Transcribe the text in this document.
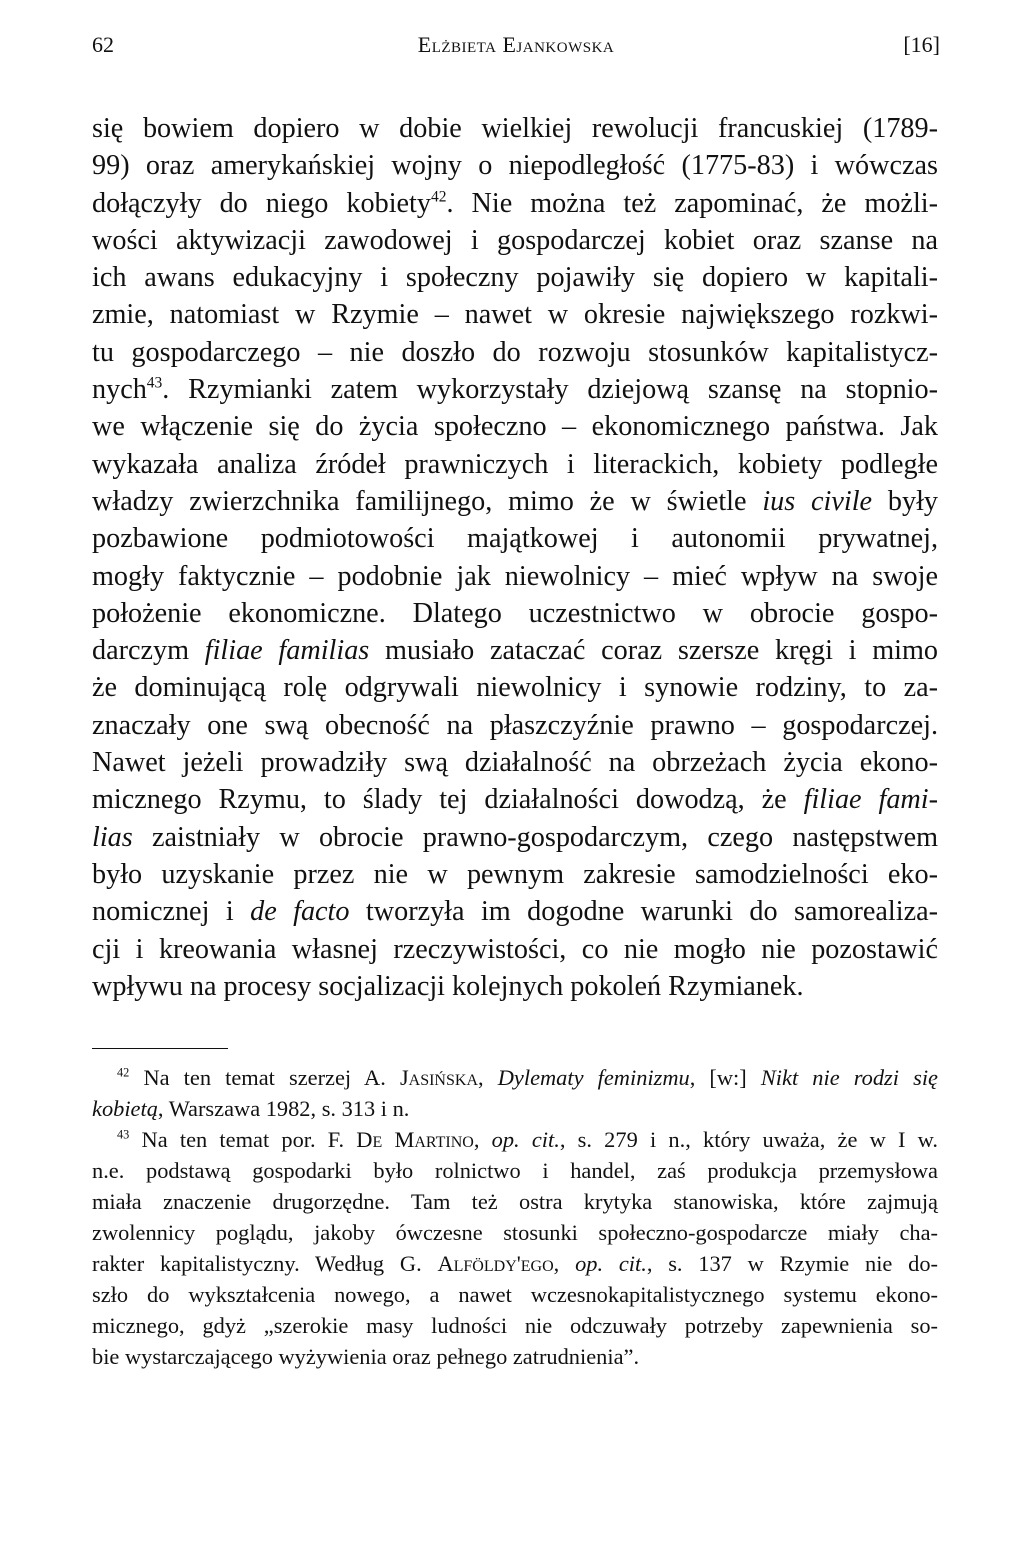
62	Elżbieta Ejankowska	[16]
się bowiem dopiero w dobie wielkiej rewolucji francuskiej (1789-
99) oraz amerykańskiej wojny o niepodległość (1775-83) i wówczas
dołączyły do niego kobiety$^{42}$. Nie można też zapominać, że możli-
wości aktywizacji zawodowej i gospodarczej kobiet oraz szanse na
ich awans edukacyjny i społeczny pojawiły się dopiero w kapitali-
zmie, natomiast w Rzymie – nawet w okresie największego rozkwi-
tu gospodarczego – nie doszło do rozwoju stosunków kapitalistycz-
nych$^{43}$. Rzymianki zatem wykorzystały dziejową szansę na stopnio-
we włączenie się do życia społeczno – ekonomicznego państwa. Jak
wykazała analiza źródeł prawniczych i literackich, kobiety podległe
władzy zwierzchnika familijnego, mimo że w świetle ius civile były
pozbawione podmiotowości majątkowej i autonomii prywatnej,
mogły faktycznie – podobnie jak niewolnicy – mieć wpływ na swoje
położenie ekonomiczne. Dlatego uczestnictwo w obrocie gospo-
darczym filiae familias musiało zataczać coraz szersze kręgi i mimo
że dominującą rolę odgrywali niewolnicy i synowie rodziny, to za-
znaczały one swą obecność na płaszczyźnie prawno – gospodarczej.
Nawet jeżeli prowadziły swą działalność na obrzeżach życia ekono-
micznego Rzymu, to ślady tej działalności dowodzą, że filiae fami-
lias zaistniały w obrocie prawno-gospodarczym, czego następstwem
było uzyskanie przez nie w pewnym zakresie samodzielności eko-
nomicznej i de facto tworzyła im dogodne warunki do samorealiza-
cji i kreowania własnej rzeczywistości, co nie mogło nie pozostawić
wpływu na procesy socjalizacji kolejnych pokoleń Rzymianek.
$^{42}$ Na ten temat szerzej A. Jasińska, Dylematy feminizmu, [w:] Nikt nie rodzi się
kobietą, Warszawa 1982, s. 313 i n.
$^{43}$ Na ten temat por. F. De Martino, op. cit., s. 279 i n., który uważa, że w I w.
n.e. podstawą gospodarki było rolnictwo i handel, zaś produkcja przemysłowa
miała znaczenie drugorzędne. Tam też ostra krytyka stanowiska, które zajmują
zwolennicy poglądu, jakoby ówczesne stosunki społeczno-gospodarcze miały cha-
rakter kapitalistyczny. Według G. Alföldy'ego, op. cit., s. 137 w Rzymie nie do-
szło do wykształcenia nowego, a nawet wczesnokapitalistycznego systemu ekono-
micznego, gdyż „szerokie masy ludności nie odczuwały potrzeby zapewnienia so-
bie wystarczającego wyżywienia oraz pełnego zatrudnienia”.
